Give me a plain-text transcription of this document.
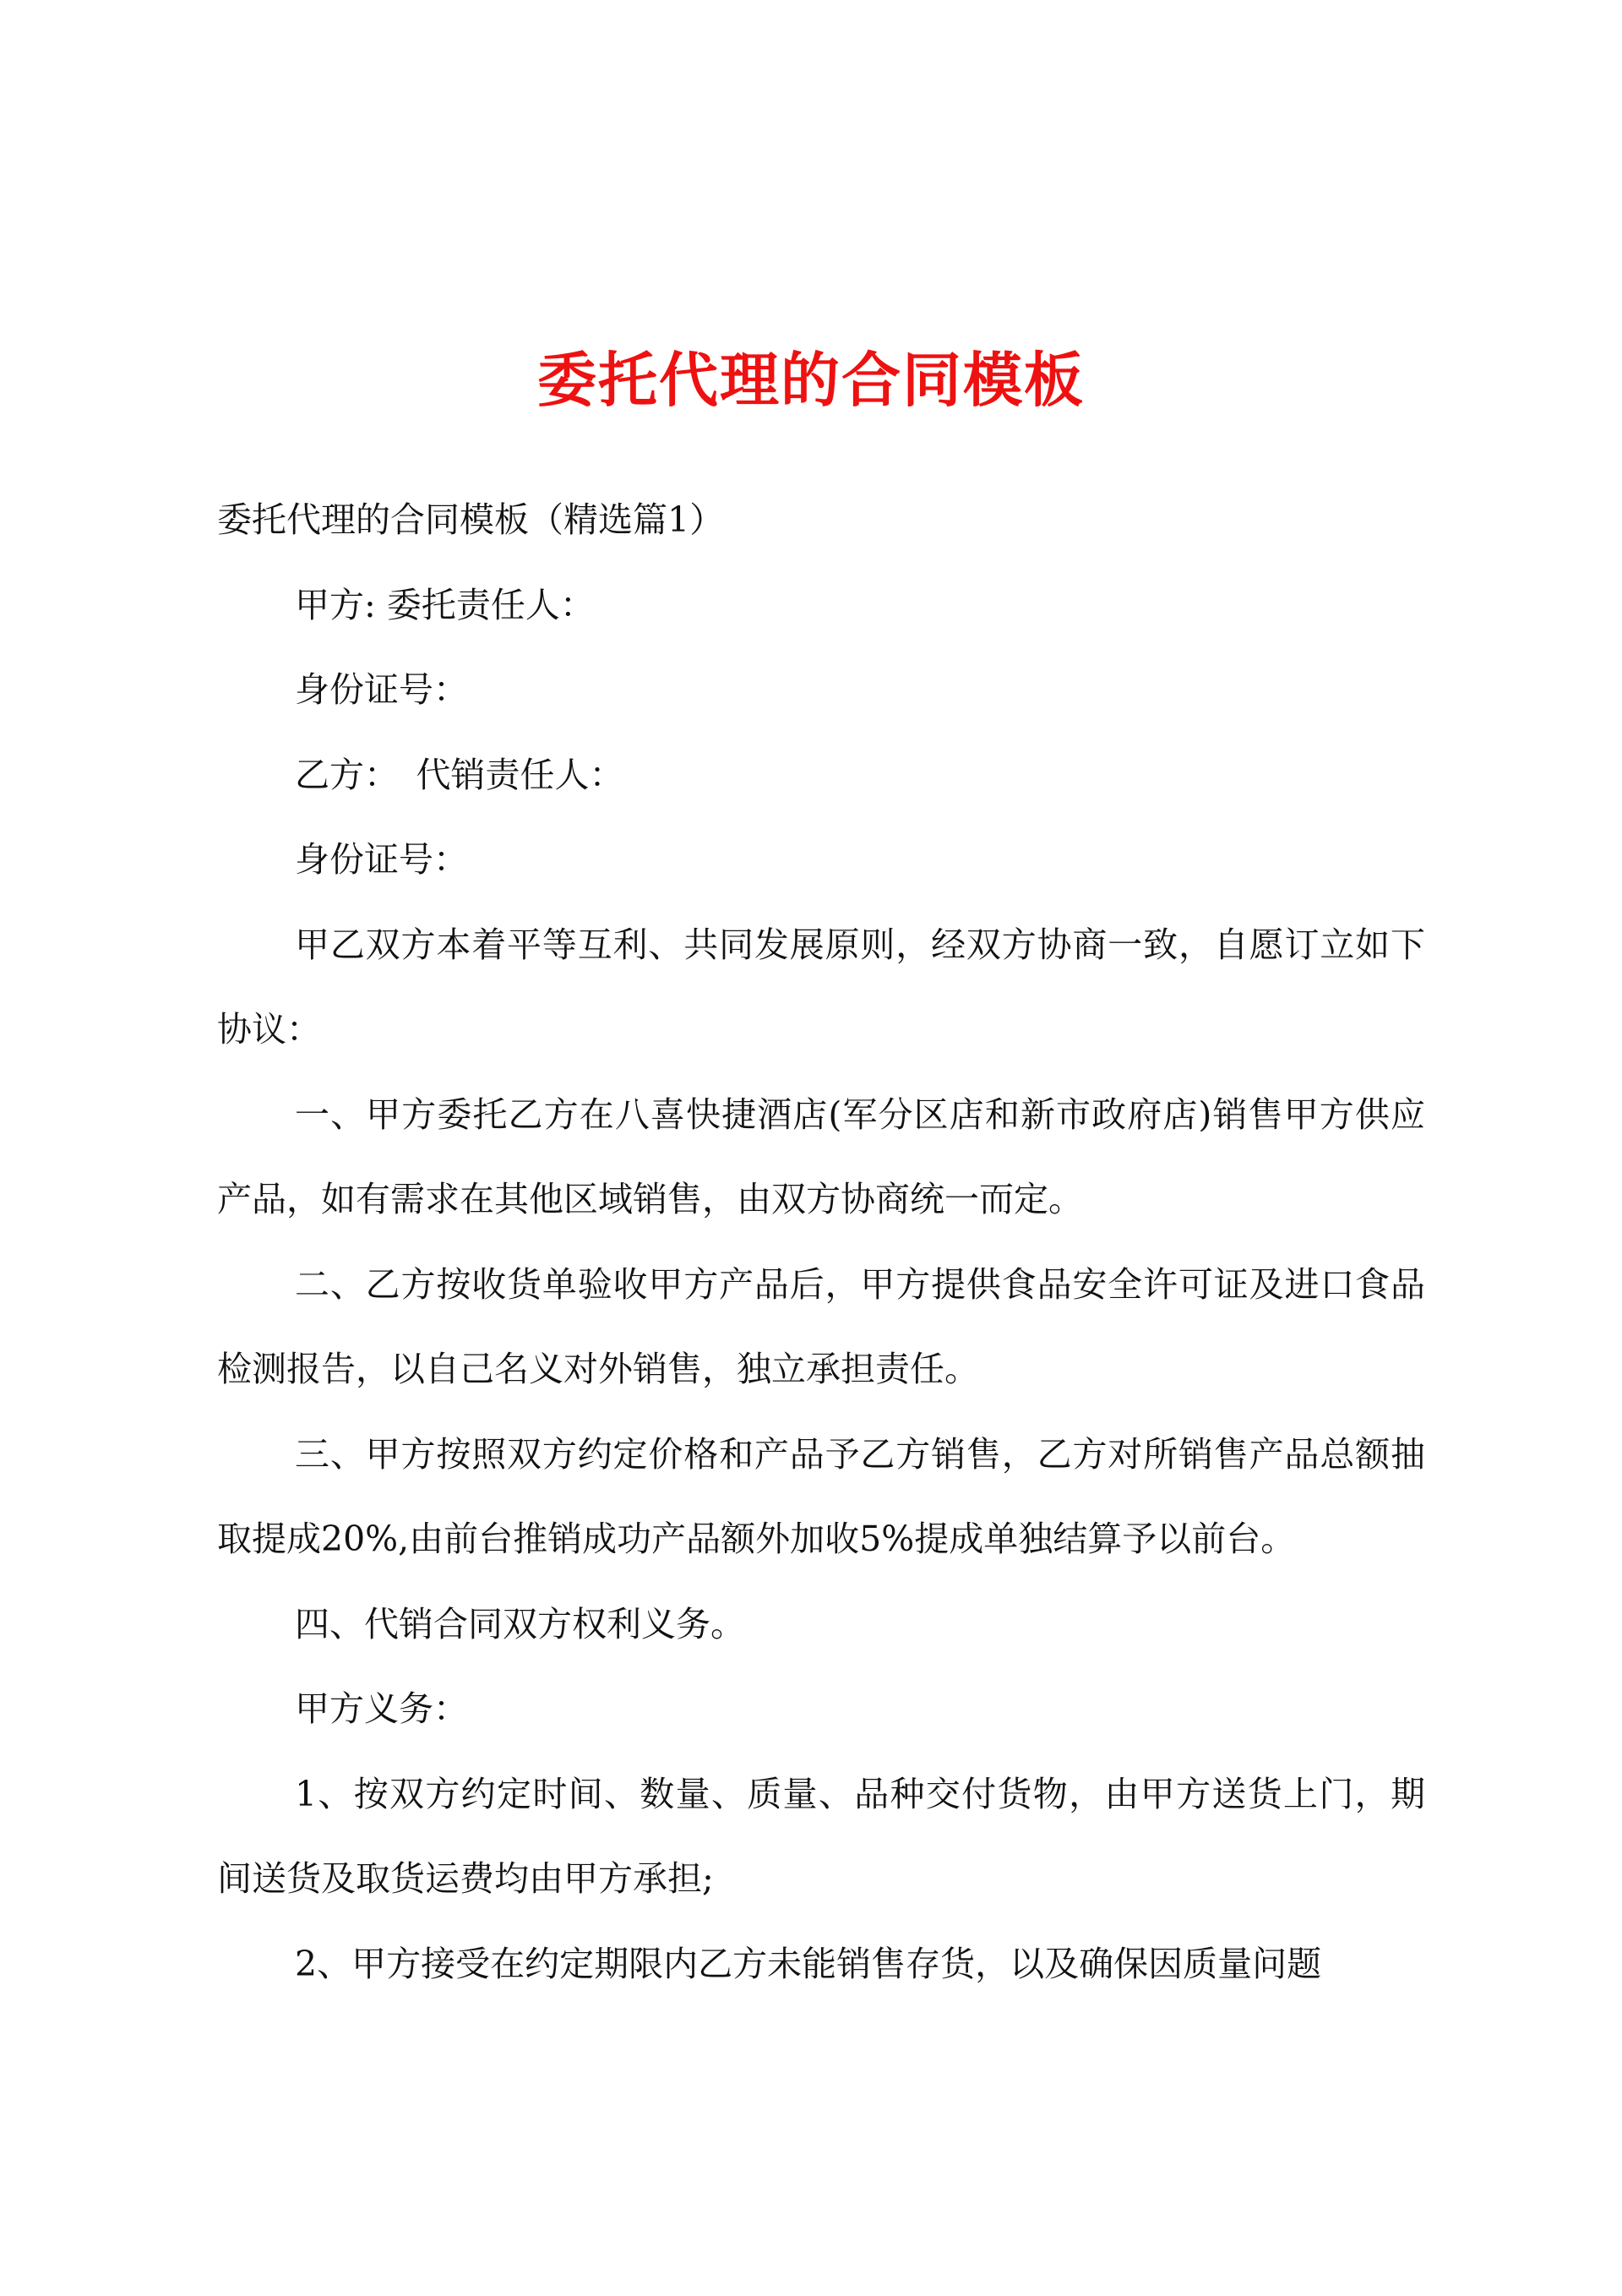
委托代理的合同模板

委托代理的合同模板（精选篇1）

甲方: 委托责任人：

身份证号：

乙方：　代销责任人：

身份证号：

甲乙双方本着平等互利、共同发展原则，经双方协商一致，自愿订立如下协议：

一、甲方委托乙方在八喜快捷酒店(军分区店和新市政府店)销售甲方供应产品，如有需求在其他区域销售，由双方协商统一而定。

二、乙方按收货单验收甲方产品后，甲方提供食品安全许可证及进口食品检测报告，以自己名义对外销售，独立承担责任。

三、甲方按照双方约定价格和产品予乙方销售，乙方对所销售产品总额抽取提成20%,由前台推销成功产品额外加收5%提成单独结算予以前台。

四、代销合同双方权利义务。

甲方义务：

1、按双方约定时间、数量、质量、品种交付货物，由甲方送货上门，期间送货及取货运费均由甲方承担;

2、甲方接受在约定期限内乙方未能销售存货，以及确保因质量问题
